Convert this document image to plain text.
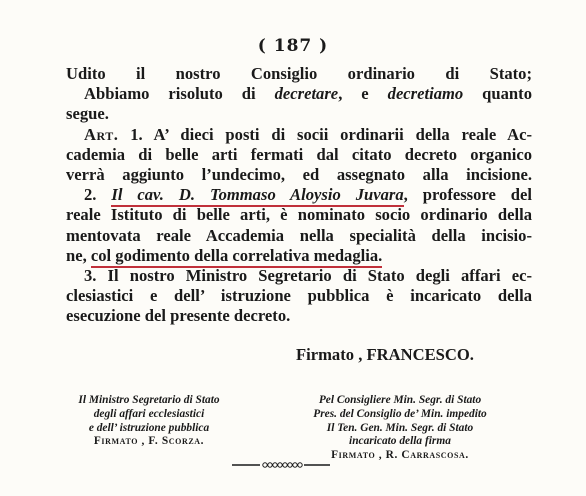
( 187 )
Udito il nostro Consiglio ordinario di Stato;
Abbiamo risoluto di decretare, e decretiamo quanto
segue.
Art. 1. A’ dieci posti di socii ordinarii della reale Ac-
cademia di belle arti fermati dal citato decreto organico
verrà aggiunto l’undecimo, ed assegnato alla incisione.
2. Il cav. D. Tommaso Aloysio Juvara, professore del
reale Istituto di belle arti, è nominato socio ordinario della
mentovata reale Accademia nella specialità della incisio-
ne, col godimento della correlativa medaglia.
3. Il nostro Ministro Segretario di Stato degli affari ec-
clesiastici e dell’ istruzione pubblica è incaricato della
esecuzione del presente decreto.
Firmato , FRANCESCO.
Il Ministro Segretario di Stato
degli affari ecclesiastici
e dell’ istruzione pubblica
Firmato , F. Scorza.
Pel Consigliere Min. Segr. di Stato
Pres. del Consiglio de’ Min. impedito
Il Ten. Gen. Min. Segr. di Stato
incaricato della firma
Firmato , R. Carrascosa.
